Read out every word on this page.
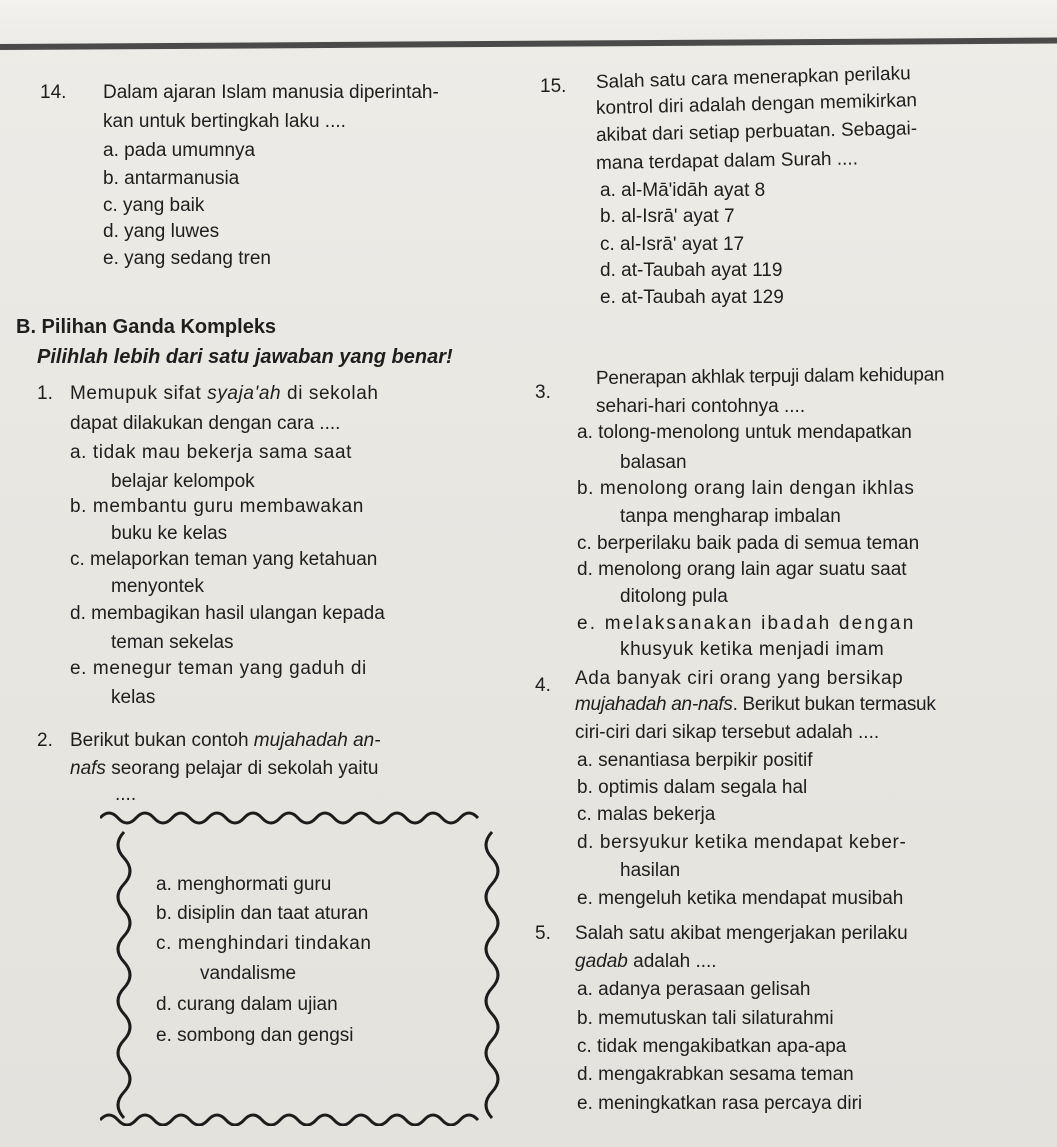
14. Dalam ajaran Islam manusia diperintah-
kan untuk bertingkah laku ....
a. pada umumnya
b. antarmanusia
c. yang baik
d. yang luwes
e. yang sedang tren
15. Salah satu cara menerapkan perilaku
kontrol diri adalah dengan memikirkan
akibat dari setiap perbuatan. Sebagai-
mana terdapat dalam Surah ....
a. al-Mā'idāh ayat 8
b. al-Isrā' ayat 7
c. al-Isrā' ayat 17
d. at-Taubah ayat 119
e. at-Taubah ayat 129
B. Pilihan Ganda Kompleks
Pilihlah lebih dari satu jawaban yang benar!
1. Memupuk sifat syaja'ah di sekolah
dapat dilakukan dengan cara ....
a. tidak mau bekerja sama saat
belajar kelompok
b. membantu guru membawakan
buku ke kelas
c. melaporkan teman yang ketahuan
menyontek
d. membagikan hasil ulangan kepada
teman sekelas
e. menegur teman yang gaduh di
kelas
2. Berikut bukan contoh mujahadah an-
nafs seorang pelajar di sekolah yaitu
....
a. menghormati guru
b. disiplin dan taat aturan
c. menghindari tindakan
vandalisme
d. curang dalam ujian
e. sombong dan gengsi
3.
Penerapan akhlak terpuji dalam kehidupan
sehari-hari contohnya ....
a. tolong-menolong untuk mendapatkan
balasan
b. menolong orang lain dengan ikhlas
tanpa mengharap imbalan
c. berperilaku baik pada di semua teman
d. menolong orang lain agar suatu saat
ditolong pula
e. melaksanakan ibadah dengan
khusyuk ketika menjadi imam
4. Ada banyak ciri orang yang bersikap
mujahadah an-nafs. Berikut bukan termasuk
ciri-ciri dari sikap tersebut adalah ....
a. senantiasa berpikir positif
b. optimis dalam segala hal
c. malas bekerja
d. bersyukur ketika mendapat keber-
hasilan
e. mengeluh ketika mendapat musibah
5. Salah satu akibat mengerjakan perilaku
gadab adalah ....
a. adanya perasaan gelisah
b. memutuskan tali silaturahmi
c. tidak mengakibatkan apa-apa
d. mengakrabkan sesama teman
e. meningkatkan rasa percaya diri
